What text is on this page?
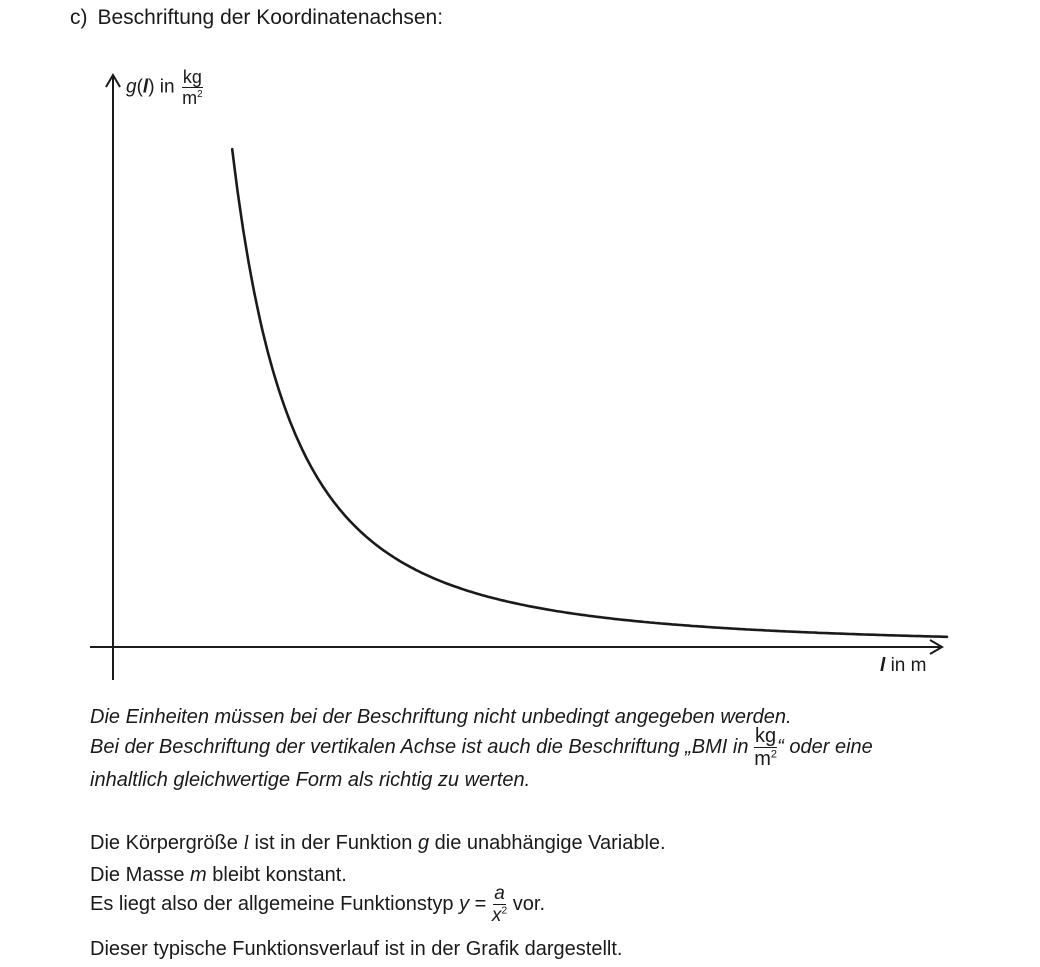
c) Beschriftung der Koordinatenachsen:
g(l) in $\frac{kg}{m^2}$
l in m
Die Einheiten müssen bei der Beschriftung nicht unbedingt angegeben werden.
Bei der Beschriftung der vertikalen Achse ist auch die Beschriftung „BMI in $\frac{kg}{m^2}$ “ oder eine
inhaltlich gleichwertige Form als richtig zu werten.
Die Körpergröße l ist in der Funktion g die unabhängige Variable.
Die Masse m bleibt konstant.
Es liegt also der allgemeine Funktionstyp $y = \frac{a}{x^2}$ vor.
Dieser typische Funktionsverlauf ist in der Grafik dargestellt.
